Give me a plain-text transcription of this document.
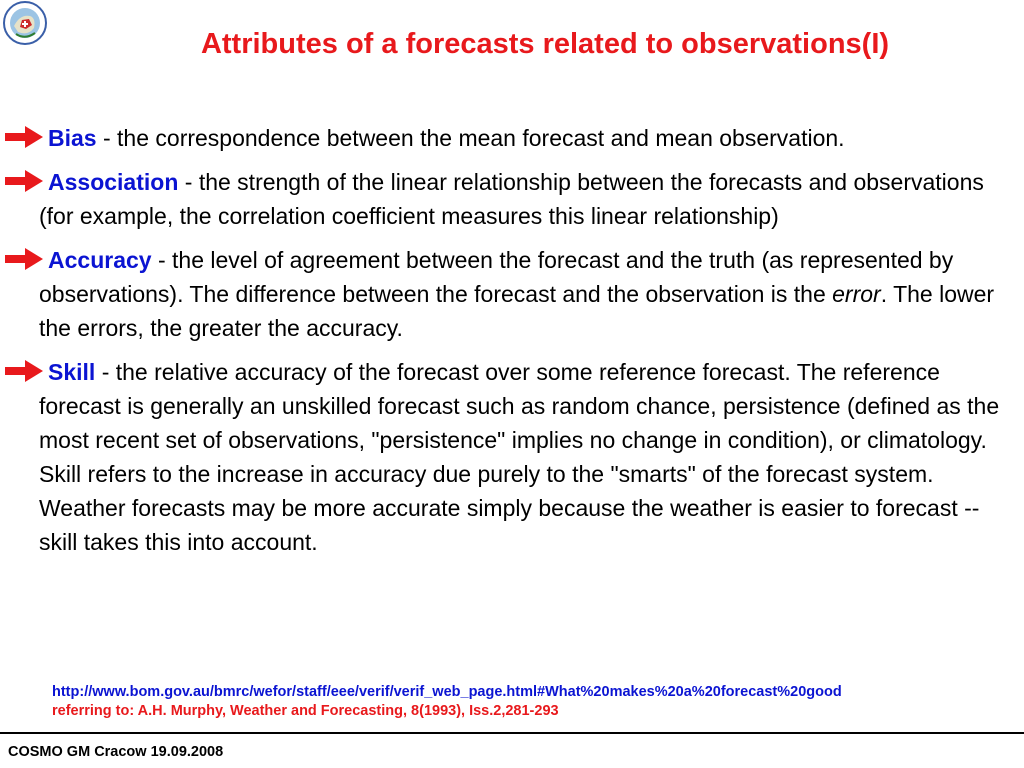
Attributes of a forecasts related to observations(I)
Bias - the correspondence between the mean forecast and mean observation.
Association - the strength of the linear relationship between the forecasts and observations (for example, the correlation coefficient measures this linear relationship)
Accuracy - the level of agreement between the forecast and the truth (as represented by observations). The difference between the forecast and the observation is the error. The lower the errors, the greater the accuracy.
Skill - the relative accuracy of the forecast over some reference forecast. The reference forecast is generally an unskilled forecast such as random chance, persistence (defined as the most recent set of observations, "persistence" implies no change in condition), or climatology. Skill refers to the increase in accuracy due purely to the "smarts" of the forecast system. Weather forecasts may be more accurate simply because the weather is easier to forecast -- skill takes this into account.
http://www.bom.gov.au/bmrc/wefor/staff/eee/verif/verif_web_page.html#What%20makes%20a%20forecast%20good
referring to: A.H. Murphy, Weather and Forecasting, 8(1993), Iss.2,281-293
COSMO GM Cracow 19.09.2008
